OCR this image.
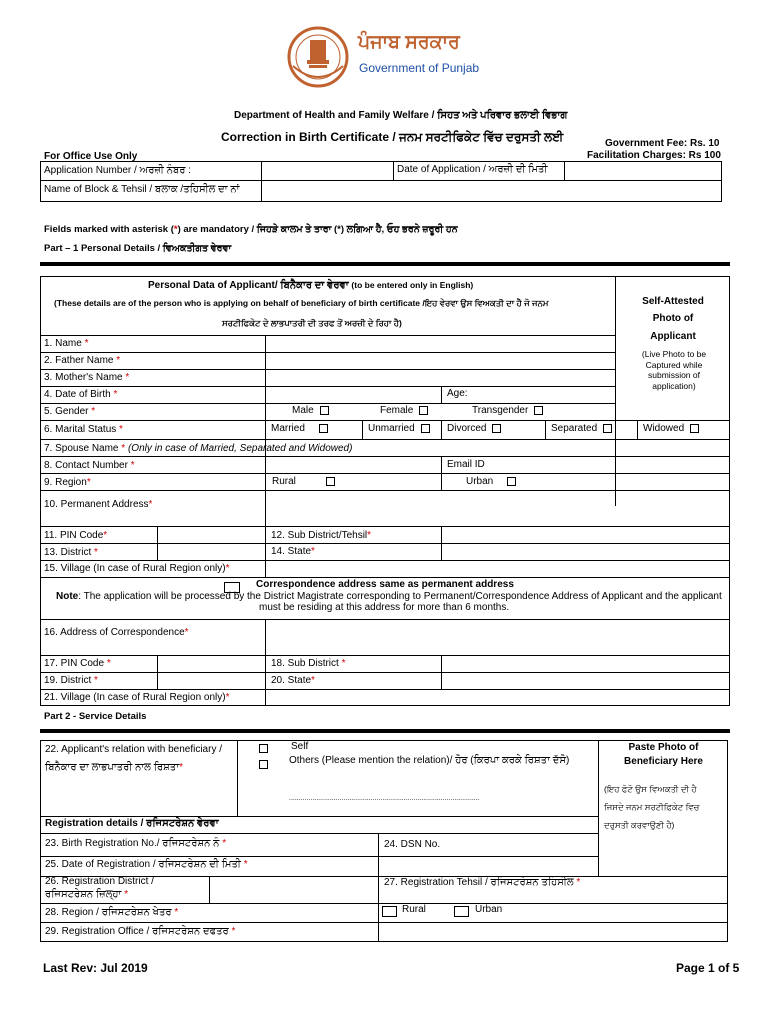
ਪੰਜਾਬ ਸਰਕਾਰ
Government of Punjab
Department of Health and Family Welfare / ਸਿਹਤ ਅਤੇ ਪਰਿਵਾਰ ਭਲਾਈ ਵਿਭਾਗ
Correction in Birth Certificate / ਜਨਮ ਸਰਟੀਫਿਕੇਟ ਵਿੱਚ ਦਰੁਸਤੀ ਲਈ	Government Fee: Rs. 10
Facilitation Charges: Rs 100
For Office Use Only
Application Number / ਅਰਜ਼ੀ ਨੰਬਰ :	Date of Application / ਅਰਜ਼ੀ ਦੀ ਮਿਤੀ
Name of Block & Tehsil / ਬਲਾਕ /ਤਹਿਸੀਲ ਦਾ ਨਾਂ
Fields marked with asterisk (*) are mandatory / ਜਿਹੜੇ ਕਾਲਮ ਤੇ ਤਾਰਾ (*) ਲਗਿਆ ਹੈ, ਓਹ ਭਰਨੇ ਜ਼ਰੂਰੀ ਹਨ
Part – 1 Personal Details / ਵਿਅਕਤੀਗਤ ਵੇਰਵਾ
Personal Data of Applicant/ ਬਿਨੈਕਾਰ ਦਾ ਵੇਰਵਾ (to be entered only in English)
(These details are of the person who is applying on behalf of beneficiary of birth certificate /ਇਹ ਵੇਰਵਾ ਉਸ ਵਿਅਕਤੀ ਦਾ ਹੈ ਜੋ ਜਨਮ
ਸਰਟੀਫਿਕੇਟ ਦੇ ਲਾਭਪਾਤਰੀ ਦੀ ਤਰਫ ਤੋਂ ਅਰਜ਼ੀ ਦੇ ਰਿਹਾ ਹੈ)
Self-Attested
Photo of
Applicant
(Live Photo to be Captured while submission of application)
1. Name *
2. Father Name *
3. Mother's Name *
4. Date of Birth *	Age:
5. Gender *	Male	Female	Transgender
6. Marital Status *	Married	Unmarried	Divorced	Separated	Widowed
7. Spouse Name * (Only in case of Married, Separated and Widowed)
8. Contact Number *	Email ID
9. Region*	Rural	Urban
10. Permanent Address*
11. PIN Code*	12. Sub District/Tehsil*
13. District *	14. State*
15. Village (In case of Rural Region only)*
Correspondence address same as permanent address
Note: The application will be processed by the District Magistrate corresponding to Permanent/Correspondence Address of Applicant and the applicant
must be residing at this address for more than 6 months.
16. Address of Correspondence*
17. PIN Code *	18. Sub District *
19. District *	20. State*
21. Village (In case of Rural Region only)*
Part 2 - Service Details
22. Applicant's relation with beneficiary /
ਬਿਨੈਕਾਰ ਦਾ ਲਾਭਪਾਤਰੀ ਨਾਲ ਰਿਸ਼ਤਾ*
Self
Others (Please mention the relation)/ ਹੋਰ (ਕਿਰਪਾ ਕਰਕੇ ਰਿਸ਼ਤਾ ਦੱਸੋ)
..................................................................................................
Paste Photo of
Beneficiary Here
(ਇਹ ਫੋਟੋ ਉਸ ਵਿਅਕਤੀ ਦੀ ਹੈ
ਜਿਸਦੇ ਜਨਮ ਸਰਟੀਫਿਕੇਟ ਵਿਚ
ਦਰੁਸਤੀ ਕਰਵਾਉਣੀ ਹੈ)
Registration details / ਰਜਿਸਟਰੇਸ਼ਨ ਵੇਰਵਾ
23. Birth Registration No./ ਰਜਿਸਟਰੇਸ਼ਨ ਨੰ *	24. DSN No.
25. Date of Registration / ਰਜਿਸਟਰੇਸ਼ਨ ਦੀ ਮਿਤੀ *
26. Registration District /
ਰਜਿਸਟਰੇਸ਼ਨ ਜ਼ਿਲ੍ਹਾ *
27. Registration Tehsil / ਰਜਿਸਟਰੇਸ਼ਨ ਤਹਿਸੀਲ *
28. Region / ਰਜਿਸਟਰੇਸ਼ਨ ਖੇਤਰ *	Rural	Urban
29. Registration Office / ਰਜਿਸਟਰੇਸ਼ਨ ਦਫਤਰ *
Last Rev: Jul 2019	Page 1 of 5
